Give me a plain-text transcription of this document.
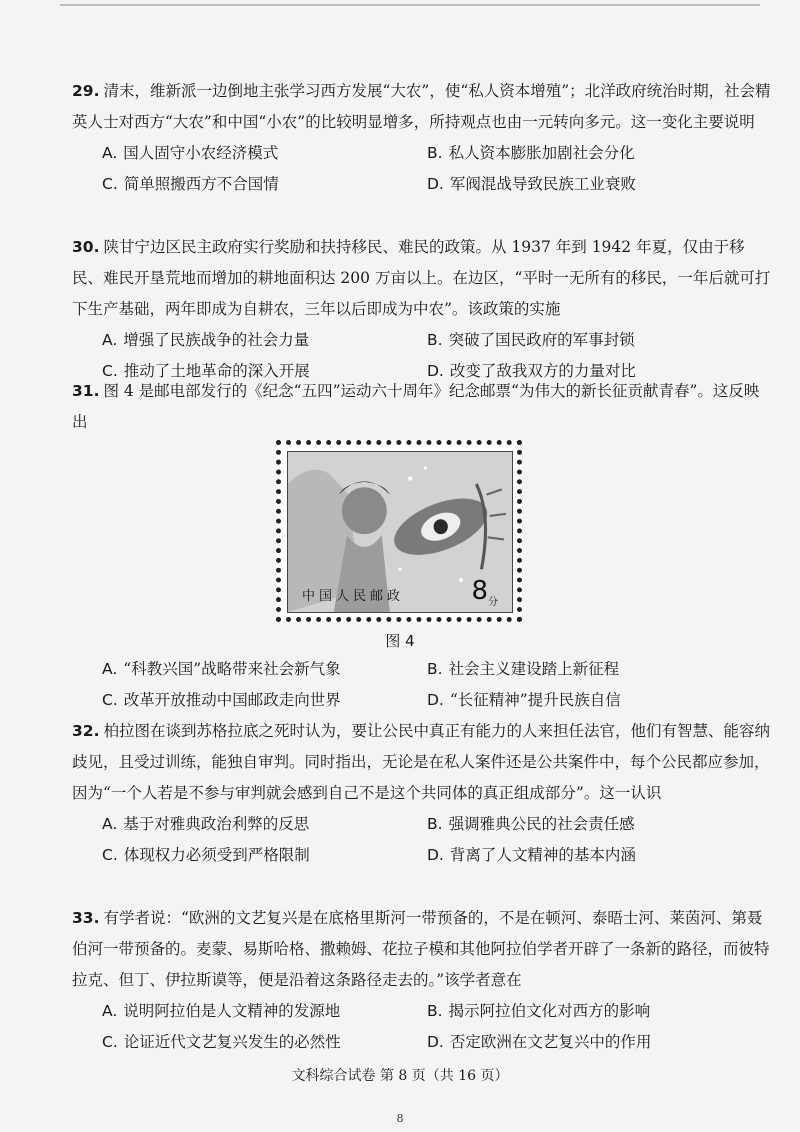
29. 清末，维新派一边倒地主张学习西方发展“大农”，使“私人资本增殖”；北洋政府统治时期，社会精英人士对西方“大农”和中国“小农”的比较明显增多，所持观点也由一元转向多元。这一变化主要说明

A. 国人固守小农经济模式	B. 私人资本膨胀加剧社会分化
C. 简单照搬西方不合国情	D. 军阀混战导致民族工业衰败

30. 陕甘宁边区民主政府实行奖励和扶持移民、难民的政策。从 1937 年到 1942 年夏，仅由于移民、难民开垦荒地而增加的耕地面积达 200 万亩以上。在边区，“平时一无所有的移民，一年后就可打下生产基础，两年即成为自耕农，三年以后即成为中农”。该政策的实施

A. 增强了民族战争的社会力量	B. 突破了国民政府的军事封锁
C. 推动了土地革命的深入开展	D. 改变了敌我双方的力量对比

31. 图 4 是邮电部发行的《纪念“五四”运动六十周年》纪念邮票“为伟大的新长征贡献青春”。这反映出

中国人民邮政	$8_分$
图 4
A. “科教兴国”战略带来社会新气象	B. 社会主义建设踏上新征程
C. 改革开放推动中国邮政走向世界	D. “长征精神”提升民族自信

32. 柏拉图在谈到苏格拉底之死时认为，要让公民中真正有能力的人来担任法官，他们有智慧、能容纳歧见，且受过训练，能独自审判。同时指出，无论是在私人案件还是公共案件中，每个公民都应参加，因为“一个人若是不参与审判就会感到自己不是这个共同体的真正组成部分”。这一认识

A. 基于对雅典政治利弊的反思	B. 强调雅典公民的社会责任感
C. 体现权力必须受到严格限制	D. 背离了人文精神的基本内涵

33. 有学者说：“欧洲的文艺复兴是在底格里斯河一带预备的，不是在顿河、泰晤士河、莱茵河、第聂伯河一带预备的。麦蒙、易斯哈格、撒赖姆、花拉子模和其他阿拉伯学者开辟了一条新的路径，而彼特拉克、但丁、伊拉斯谟等，便是沿着这条路径走去的。”该学者意在

A. 说明阿拉伯是人文精神的发源地	B. 揭示阿拉伯文化对西方的影响
C. 论证近代文艺复兴发生的必然性	D. 否定欧洲在文艺复兴中的作用
文科综合试卷 第 8 页（共 16 页）
8
